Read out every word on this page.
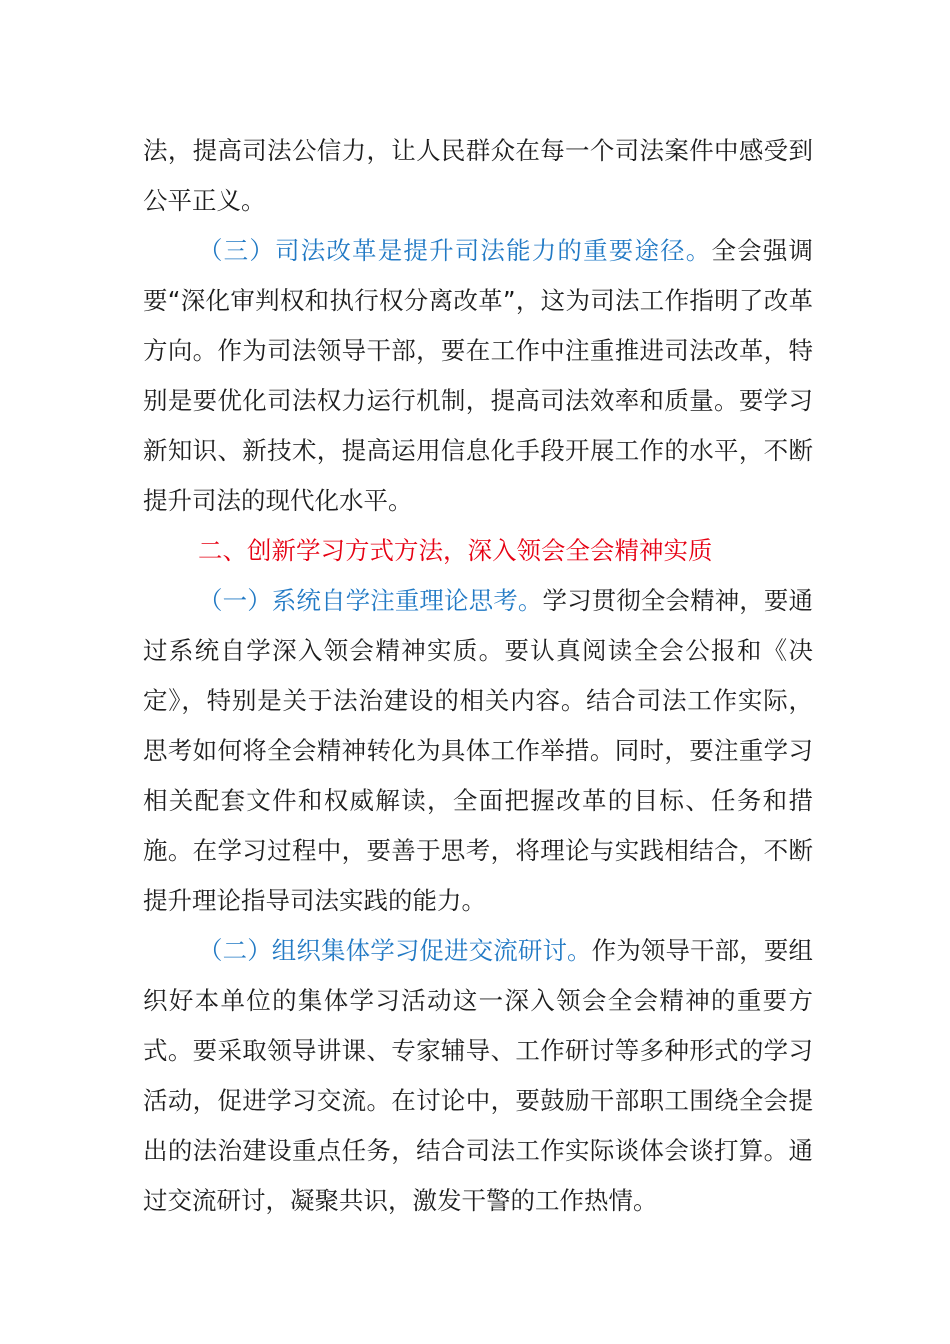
法，提高司法公信力，让人民群众在每一个司法案件中感受到公平正义。

（三）司法改革是提升司法能力的重要途径。全会强调要“深化审判权和执行权分离改革”，这为司法工作指明了改革方向。作为司法领导干部，要在工作中注重推进司法改革，特别是要优化司法权力运行机制，提高司法效率和质量。要学习新知识、新技术，提高运用信息化手段开展工作的水平，不断提升司法的现代化水平。

二、创新学习方式方法，深入领会全会精神实质

（一）系统自学注重理论思考。学习贯彻全会精神，要通过系统自学深入领会精神实质。要认真阅读全会公报和《决定》，特别是关于法治建设的相关内容。结合司法工作实际，思考如何将全会精神转化为具体工作举措。同时，要注重学习相关配套文件和权威解读，全面把握改革的目标、任务和措施。在学习过程中，要善于思考，将理论与实践相结合，不断提升理论指导司法实践的能力。

（二）组织集体学习促进交流研讨。作为领导干部，要组织好本单位的集体学习活动这一深入领会全会精神的重要方式。要采取领导讲课、专家辅导、工作研讨等多种形式的学习活动，促进学习交流。在讨论中，要鼓励干部职工围绕全会提出的法治建设重点任务，结合司法工作实际谈体会谈打算。通过交流研讨，凝聚共识，激发干警的工作热情。
